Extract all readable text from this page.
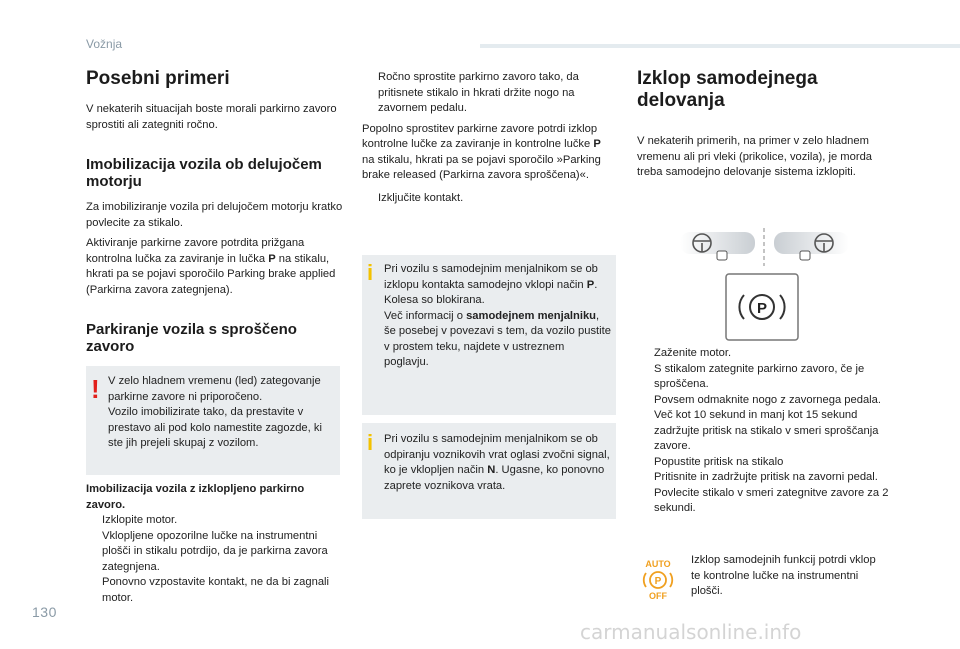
Vožnja
Posebni primeri

V nekaterih situacijah boste morali parkirno zavoro sprostiti ali zategniti ročno.

Imobilizacija vozila ob delujočem motorju

Za imobiliziranje vozila pri delujočem motorju kratko povlecite za stikalo.

Aktiviranje parkirne zavore potrdita prižgana kontrolna lučka za zaviranje in lučka P na stikalu, hkrati pa se pojavi sporočilo Parking brake applied (Parkirna zavora zategnjena).

Parkiranje vozila s sproščeno zavoro
! V zelo hladnem vremenu (led) zategovanje parkirne zavore ni priporočeno.
Vozilo imobilizirate tako, da prestavite v prestavo ali pod kolo namestite zagozde, ki ste jih prejeli skupaj z vozilom.

Imobilizacija vozila z izklopljeno parkirno zavoro.

Izklopite motor.
Vklopljene opozorilne lučke na instrumentni plošči in stikalu potrdijo, da je parkirna zavora zategnjena.
Ponovno vzpostavite kontakt, ne da bi zagnali motor.
Ročno sprostite parkirno zavoro tako, da pritisnete stikalo in hkrati držite nogo na zavornem pedalu.

Popolno sprostitev parkirne zavore potrdi izklop kontrolne lučke za zaviranje in kontrolne lučke P na stikalu, hkrati pa se pojavi sporočilo »Parking brake released (Parkirna zavora sproščena)«.

Izključite kontakt.
i Pri vozilu s samodejnim menjalnikom se ob izklopu kontakta samodejno vklopi način P. Kolesa so blokirana.
Več informacij o samodejnem menjalniku, še posebej v povezavi s tem, da vozilo pustite v prostem teku, najdete v ustreznem poglavju.
i Pri vozilu s samodejnim menjalnikom se ob odpiranju voznikovih vrat oglasi zvočni signal, ko je vklopljen način N. Ugasne, ko ponovno zaprete voznikova vrata.
Izklop samodejnega
delovanja

V nekaterih primerih, na primer v zelo hladnem vremenu ali pri vleki (prikolice, vozila), je morda treba samodejno delovanje sistema izklopiti.

P
Zaženite motor.
S stikalom zategnite parkirno zavoro, če je sproščena.
Povsem odmaknite nogo z zavornega pedala.
Več kot 10 sekund in manj kot 15 sekund zadržujte pritisk na stikalo v smeri sproščanja zavore.
Popustite pritisk na stikalo
Pritisnite in zadržujte pritisk na zavorni pedal.
Povlecite stikalo v smeri zategnitve zavore za 2 sekundi.
AUTO
P
OFF
Izklop samodejnih funkcij potrdi vklop te kontrolne lučke na instrumentni plošči.
130
carmanualsonline.info
